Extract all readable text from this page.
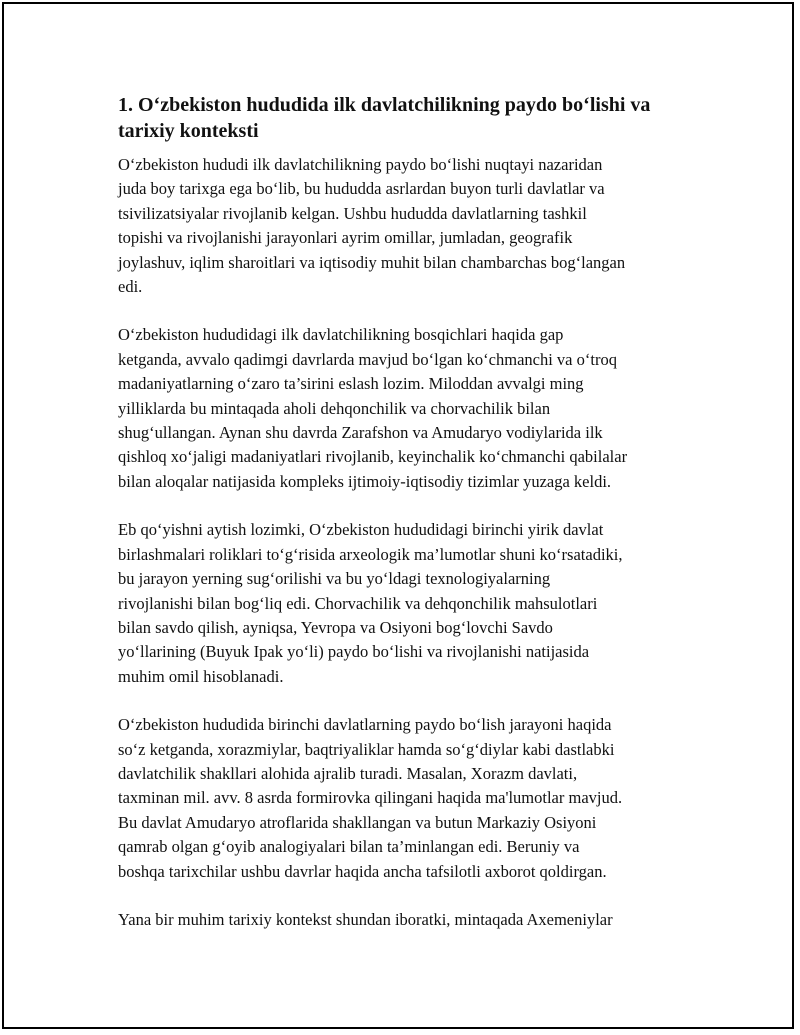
1. O‘zbekiston hududida ilk davlatchilikning paydo bo‘lishi va tarixiy konteksti

O‘zbekiston hududi ilk davlatchilikning paydo bo‘lishi nuqtayi nazaridan
juda boy tarixga ega bo‘lib, bu hududda asrlardan buyon turli davlatlar va
tsivilizatsiyalar rivojlanib kelgan. Ushbu hududda davlatlarning tashkil
topishi va rivojlanishi jarayonlari ayrim omillar, jumladan, geografik
joylashuv, iqlim sharoitlari va iqtisodiy muhit bilan chambarchas bog‘langan
edi.

O‘zbekiston hududidagi ilk davlatchilikning bosqichlari haqida gap
ketganda, avvalo qadimgi davrlarda mavjud bo‘lgan ko‘chmanchi va o‘troq
madaniyatlarning o‘zaro ta’sirini eslash lozim. Miloddan avvalgi ming
yilliklarda bu mintaqada aholi dehqonchilik va chorvachilik bilan
shug‘ullangan. Aynan shu davrda Zarafshon va Amudaryo vodiylarida ilk
qishloq xo‘jaligi madaniyatlari rivojlanib, keyinchalik ko‘chmanchi qabilalar
bilan aloqalar natijasida kompleks ijtimoiy-iqtisodiy tizimlar yuzaga keldi.

Eb qo‘yishni aytish lozimki, O‘zbekiston hududidagi birinchi yirik davlat
birlashmalari roliklari to‘g‘risida arxeologik ma’lumotlar shuni ko‘rsatadiki,
bu jarayon yerning sug‘orilishi va bu yo‘ldagi texnologiyalarning
rivojlanishi bilan bog‘liq edi. Chorvachilik va dehqonchilik mahsulotlari
bilan savdo qilish, ayniqsa, Yevropa va Osiyoni bog‘lovchi Savdo
yo‘llarining (Buyuk Ipak yo‘li) paydo bo‘lishi va rivojlanishi natijasida
muhim omil hisoblanadi.

O‘zbekiston hududida birinchi davlatlarning paydo bo‘lish jarayoni haqida
so‘z ketganda, xorazmiylar, baqtriyaliklar hamda so‘g‘diylar kabi dastlabki
davlatchilik shakllari alohida ajralib turadi. Masalan, Xorazm davlati,
taxminan mil. avv. 8 asrda formirovka qilingani haqida ma'lumotlar mavjud.
Bu davlat Amudaryo atroflarida shakllangan va butun Markaziy Osiyoni
qamrab olgan g‘oyib analogiyalari bilan ta’minlangan edi. Beruniy va
boshqa tarixchilar ushbu davrlar haqida ancha tafsilotli axborot qoldirgan.

Yana bir muhim tarixiy kontekst shundan iboratki, mintaqada Axemeniylar
